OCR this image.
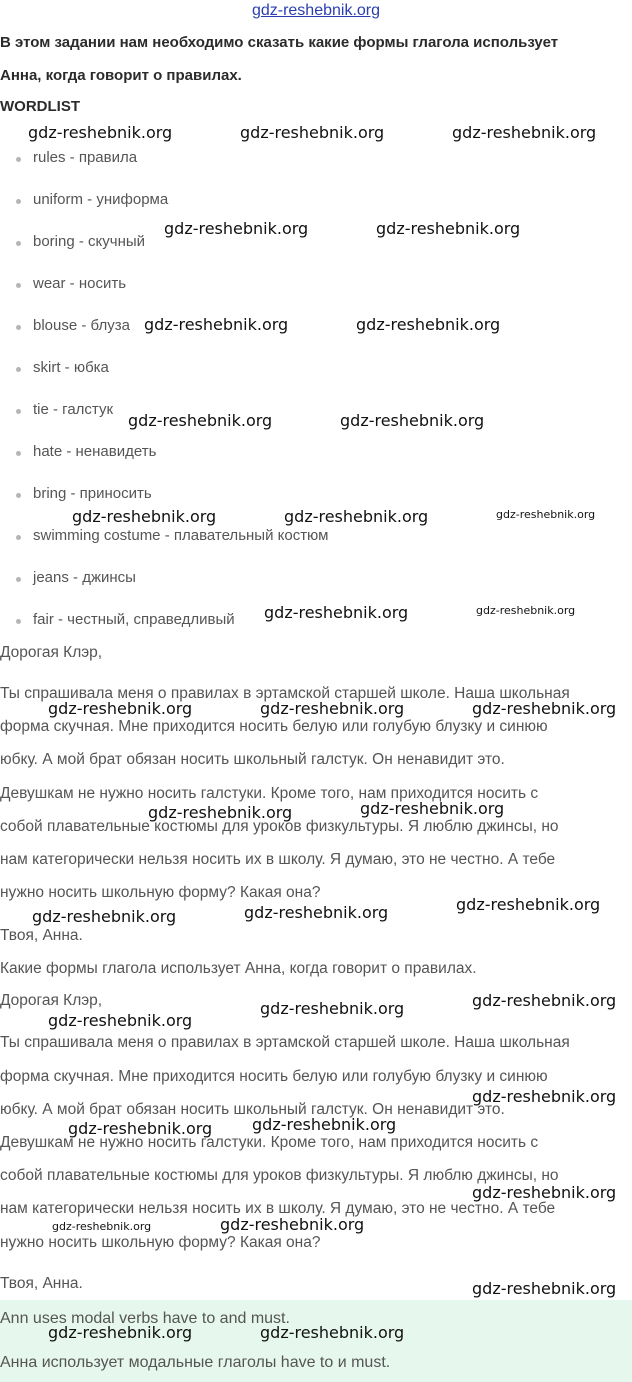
gdz-reshebnik.org
В этом задании нам необходимо сказать какие формы глагола использует
Анна, когда говорит о правилах.
WORDLIST
rules - правила
uniform - униформа
boring - скучный
wear - носить
blouse - блуза
skirt - юбка
tie - галстук
hate - ненавидеть
bring - приносить
swimming costume - плавательный костюм
jeans - джинсы
fair - честный, справедливый
Дорогая Клэр,
Ты спрашивала меня о правилах в эртамской старшей школе. Наша школьная
форма скучная. Мне приходится носить белую или голубую блузку и синюю
юбку. А мой брат обязан носить школьный галстук. Он ненавидит это.
Девушкам не нужно носить галстуки. Кроме того, нам приходится носить с
собой плавательные костюмы для уроков физкультуры. Я люблю джинсы, но
нам категорически нельзя носить их в школу. Я думаю, это не честно. А тебе
нужно носить школьную форму? Какая она?
Твоя, Анна.
Какие формы глагола использует Анна, когда говорит о правилах.
Дорогая Клэр,
Ты спрашивала меня о правилах в эртамской старшей школе. Наша школьная
форма скучная. Мне приходится носить белую или голубую блузку и синюю
юбку. А мой брат обязан носить школьный галстук. Он ненавидит это.
Девушкам не нужно носить галстуки. Кроме того, нам приходится носить с
собой плавательные костюмы для уроков физкультуры. Я люблю джинсы, но
нам категорически нельзя носить их в школу. Я думаю, это не честно. А тебе
нужно носить школьную форму? Какая она?
Твоя, Анна.
Ann uses modal verbs have to and must.
Анна использует модальные глаголы have to и must.
gdz-reshebnik.org	gdz-reshebnik.org	gdz-reshebnik.org
gdz-reshebnik.org	gdz-reshebnik.org
gdz-reshebnik.org	gdz-reshebnik.org
gdz-reshebnik.org	gdz-reshebnik.org
gdz-reshebnik.org	gdz-reshebnik.org	gdz-reshebnik.org
gdz-reshebnik.org	gdz-reshebnik.org
gdz-reshebnik.org	gdz-reshebnik.org	gdz-reshebnik.org
gdz-reshebnik.org	gdz-reshebnik.org
gdz-reshebnik.org	gdz-reshebnik.org	gdz-reshebnik.org
gdz-reshebnik.org
gdz-reshebnik.org	gdz-reshebnik.org
gdz-reshebnik.org gdz-reshebnik.org
gdz-reshebnik.org
gdz-reshebnik.org	gdz-reshebnik.org
gdz-reshebnik.org
gdz-reshebnik.org
gdz-reshebnik.org	gdz-reshebnik.org
